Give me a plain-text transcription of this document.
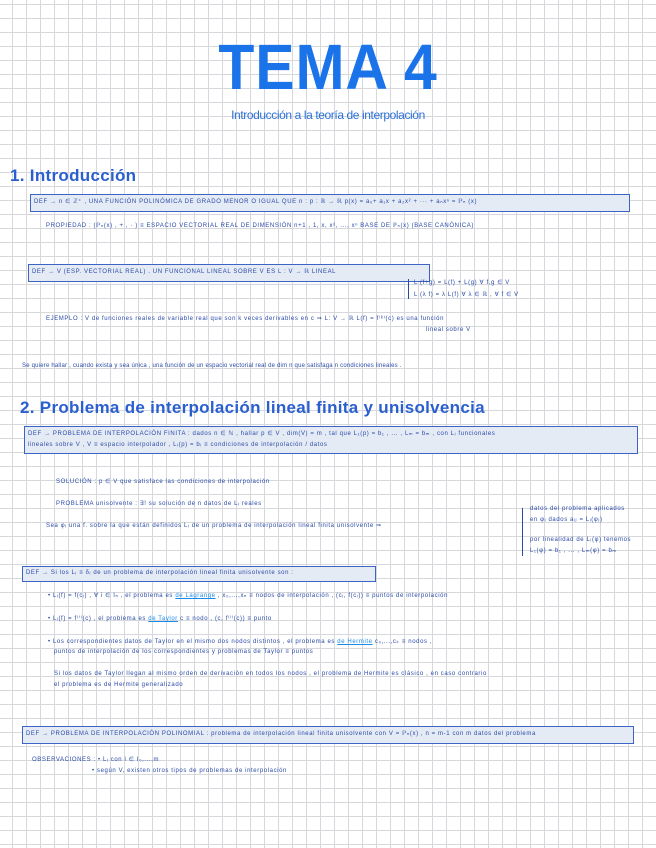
TEMA 4
Introducción a la teoría de interpolación
1. Introducción
DEF → n ∈ ℤ⁺ , UNA FUNCIÓN POLINÓMICA DE GRADO MENOR O IGUAL QUE n : p : ℝ → ℝ p(x) = a₀+ a₁x + a₂x² + ··· + aₙxⁿ = ℙₙ (x)
PROPIEDAD : (ℙₙ(x) , + , · ) ≡ ESPACIO VECTORIAL REAL DE DIMENSIÓN n+1 , 1, x, x², ..., xⁿ BASE DE ℙₙ(x) (BASE CANÓNICA)
DEF → V (ESP. VECTORIAL REAL) . UN FUNCIONAL LINEAL SOBRE V ES L : V → ℝ LINEAL
L (f+g) = L(f) + L(g) ∀ f,g ∈ V
L (λ f) = λ L(f) ∀ λ ∈ ℝ , ∀ f ∈ V
EJEMPLO : V de funciones reales de variable real que son k veces derivables en c ⇒ L: V → ℝ L(f) = f⁽ᵏ⁾(c) es una función
lineal sobre V
Se quiere hallar , cuando exista y sea única , una función de un espacio vectorial real de dim n que satisfaga n condiciones lineales .
2. Problema de interpolación lineal finita y unisolvencia
DEF → PROBLEMA DE INTERPOLACIÓN FINITA : dados n ∈ ℕ , hallar p ∈ V , dim(V) = m , tal que L₁(p) = b₁ , ... , Lₘ = bₘ , con Lᵢ funcionales
lineales sobre V , V ≡ espacio interpolador , Lᵢ(p) = bᵢ ≡ condiciones de interpolación / datos
SOLUCIÓN : p ∈ V que satisface las condiciones de interpolación
PROBLEMA unisolvente : ∃! su solución de n datos de Lᵢ reales
Sea φᵢ una f. sobre la que están definidos Lᵢ de un problema de interpolación lineal finita unisolvente ⇒
datos del problema aplicados
en φᵢ dados aᵢⱼ = Lᵢ(φⱼ)
por linealidad de Lᵢ(φ) tenemos
L₁(φ) = b₁ , ... , Lₘ(φ) = bₘ
DEF → Si los Lᵢ ≡ δᵢ de un problema de interpolación lineal finita unisolvente son :
• Lᵢ(f) = f(cᵢ) , ∀ i ∈ Iₙ , el problema es de Lagrange , x₀,...,xₙ ≡ nodos de interpolación , (cᵢ, f(cᵢ)) ≡ puntos de interpolación
• Lᵢ(f) = f⁽ⁱ⁾(c) , el problema es de Taylor c ≡ nodo , (c, f⁽ⁱ⁾(c)) ≡ punto
• Los correspondientes datos de Taylor en el mismo dos nodos distintos , el problema es de Hermite c₀,...,cₖ ≡ nodos ,
puntos de interpolación de los correspondientes y problemas de Taylor ≡ puntos
Si los datos de Taylor llegan al mismo orden de derivación en todos los nodos , el problema de Hermite es clásico , en caso contrario
el problema es de Hermite generalizado
DEF → PROBLEMA DE INTERPOLACIÓN POLINOMIAL : problema de interpolación lineal finita unisolvente con V = ℙₙ(x) , n = m-1 con m datos del problema
OBSERVACIONES : • Lᵢ con i ∈ I₀,...,m
• según V, existen otros tipos de problemas de interpolación
